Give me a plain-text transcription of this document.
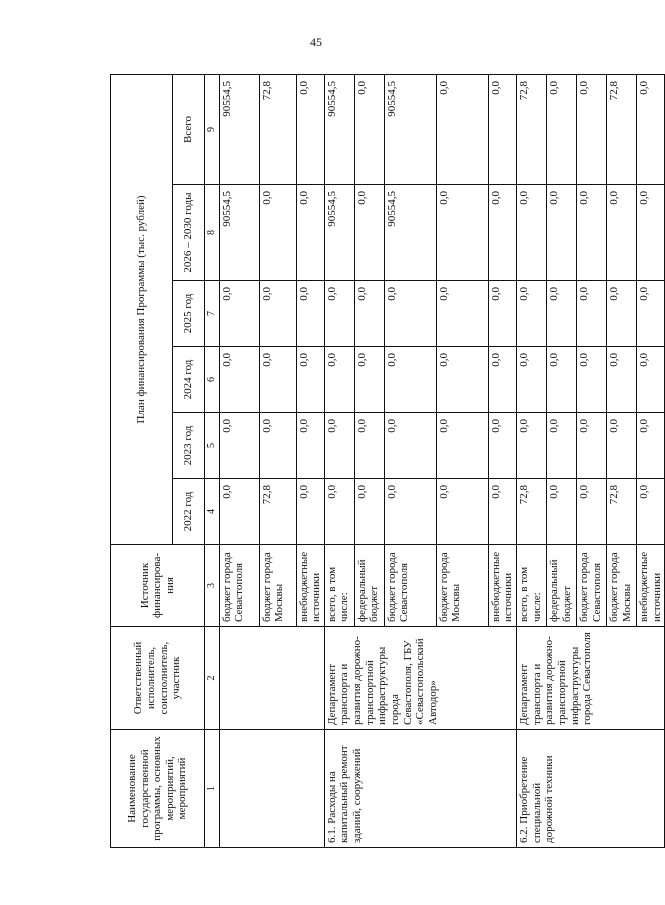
45
Наименование государственной программы, основных мероприятий, мероприятий	Ответственный исполнитель, соисполнитель, участник	Источник финансирова-ния	План финансирования Программы (тыс. рублей)					
			2022 год	2023 год	2024 год	2025 год	2026 – 2030 годы	Всего
1	2	3	4	5	6	7	8	9
		бюджет города Севастополя	0,0	0,0	0,0	0,0	90554,5	90554,5
		бюджет города Москвы	72,8	0,0	0,0	0,0	0,0	72,8
		внебюджетные источники	0,0	0,0	0,0	0,0	0,0	0,0
6.1. Расходы на капитальный ремонт зданий, сооружений	Департамент транспорта и развития дорожно-транспортной инфраструктуры города Севастополя, ГБУ «Севастопольский Автодор»	всего, в том числе:	0,0	0,0	0,0	0,0	90554,5	90554,5
		федеральный бюджет	0,0	0,0	0,0	0,0	0,0	0,0
		бюджет города Севастополя	0,0	0,0	0,0	0,0	90554,5	90554,5
		бюджет города Москвы	0,0	0,0	0,0	0,0	0,0	0,0
		внебюджетные источники	0,0	0,0	0,0	0,0	0,0	0,0
6.2. Приобретение специальной дорожной техники	Департамент транспорта и развития дорожно-транспортной инфраструктуры города Севастополя	всего, в том числе:	72,8	0,0	0,0	0,0	0,0	72,8
		федеральный бюджет	0,0	0,0	0,0	0,0	0,0	0,0
		бюджет города Севастополя	0,0	0,0	0,0	0,0	0,0	0,0
		бюджет города Москвы	72,8	0,0	0,0	0,0	0,0	72,8
		внебюджетные источники	0,0	0,0	0,0	0,0	0,0	0,0
